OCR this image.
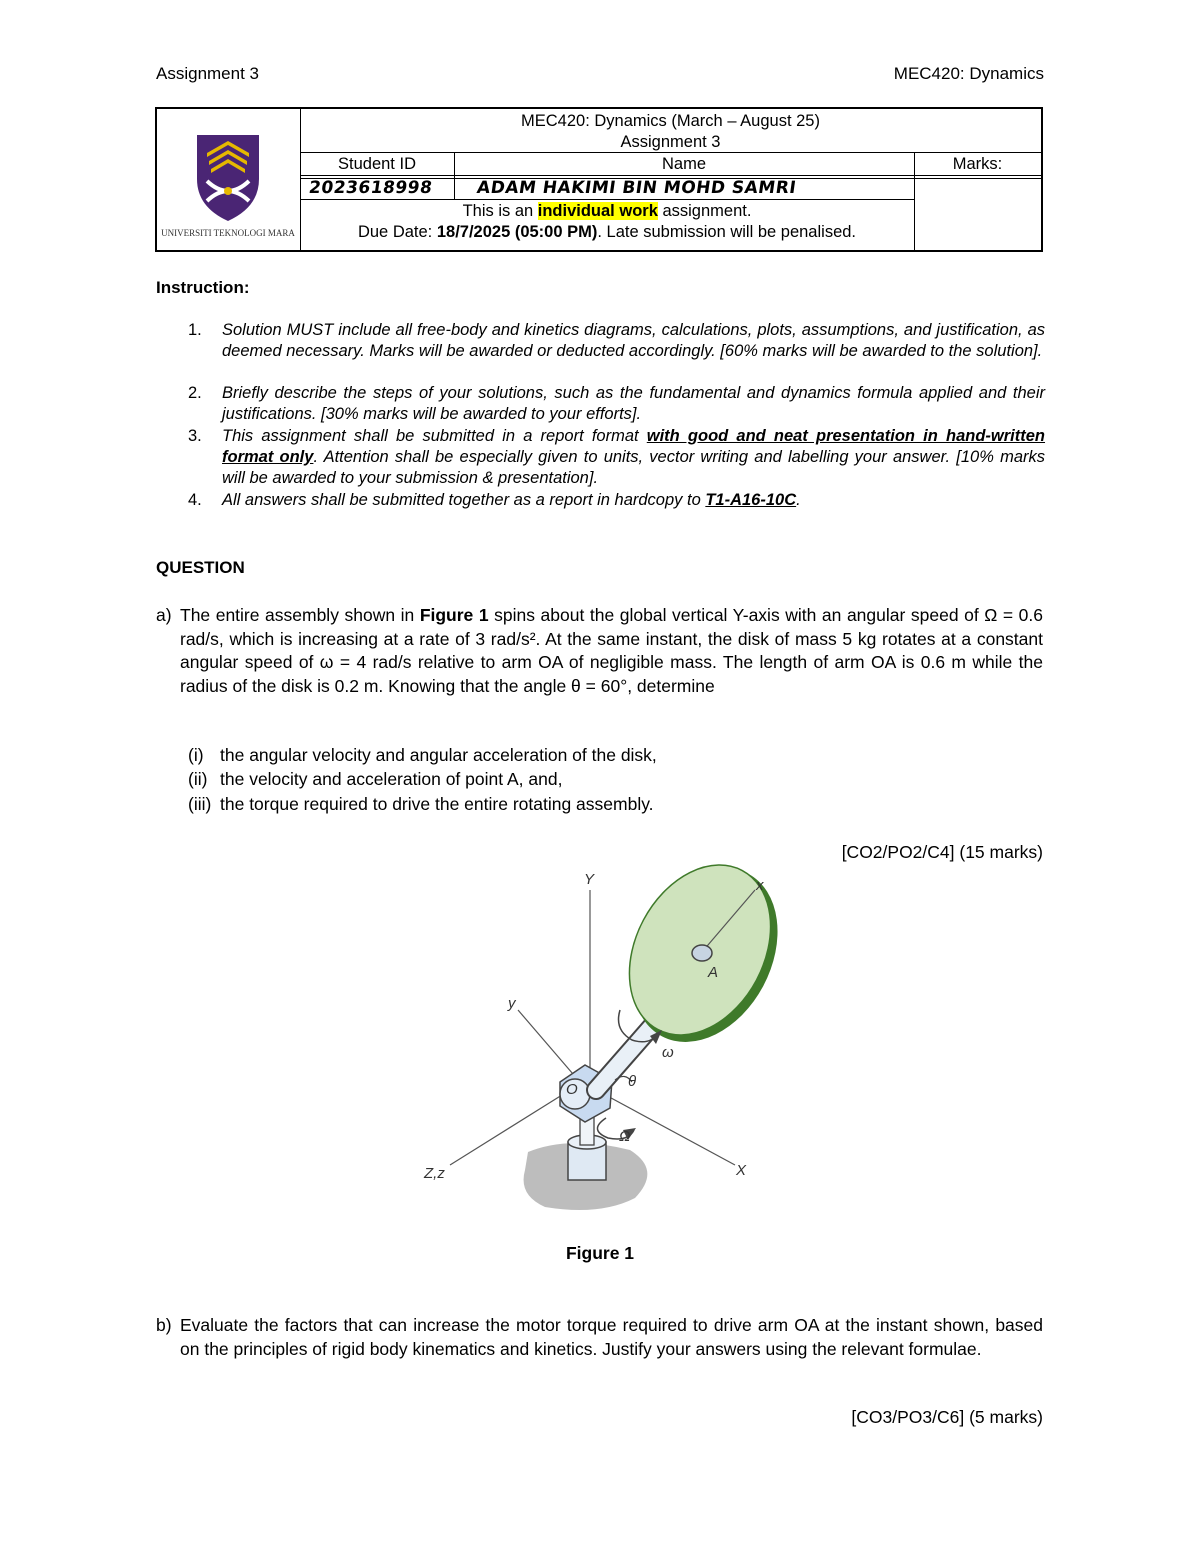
Assignment 3	MEC420: Dynamics
UNIVERSITI TEKNOLOGI MARA
MEC420: Dynamics (March – August 25)
Assignment 3
Student ID	Name	Marks:
2023618998 ADAM HAKIMI BIN MOHD SAMRI
This is an individual work assignment.
Due Date: 18/7/2025 (05:00 PM). Late submission will be penalised.
Instruction:
1. Solution MUST include all free-body and kinetics diagrams, calculations, plots, assumptions, and justification, as deemed necessary. Marks will be awarded or deducted accordingly. [60% marks will be awarded to the solution].
2. Briefly describe the steps of your solutions, such as the fundamental and dynamics formula applied and their justifications. [30% marks will be awarded to your efforts].
3. This assignment shall be submitted in a report format with good and neat presentation in hand-written format only. Attention shall be especially given to units, vector writing and labelling your answer. [10% marks will be awarded to your submission & presentation].
4. All answers shall be submitted together as a report in hardcopy to T1-A16-10C.
QUESTION
a) The entire assembly shown in Figure 1 spins about the global vertical Y-axis with an angular speed of Ω = 0.6 rad/s, which is increasing at a rate of 3 rad/s². At the same instant, the disk of mass 5 kg rotates at a constant angular speed of ω = 4 rad/s relative to arm OA of negligible mass. The length of arm OA is 0.6 m while the radius of the disk is 0.2 m. Knowing that the angle θ = 60°, determine
(i) the angular velocity and angular acceleration of the disk,
(ii) the velocity and acceleration of point A, and,
(iii) the torque required to drive the entire rotating assembly.
[CO2/PO2/C4] (15 marks)
Y	x
y
A
ω
θ
O
Ω
Z,z	X
Figure 1
b) Evaluate the factors that can increase the motor torque required to drive arm OA at the instant shown, based on the principles of rigid body kinematics and kinetics. Justify your answers using the relevant formulae.
[CO3/PO3/C6] (5 marks)
